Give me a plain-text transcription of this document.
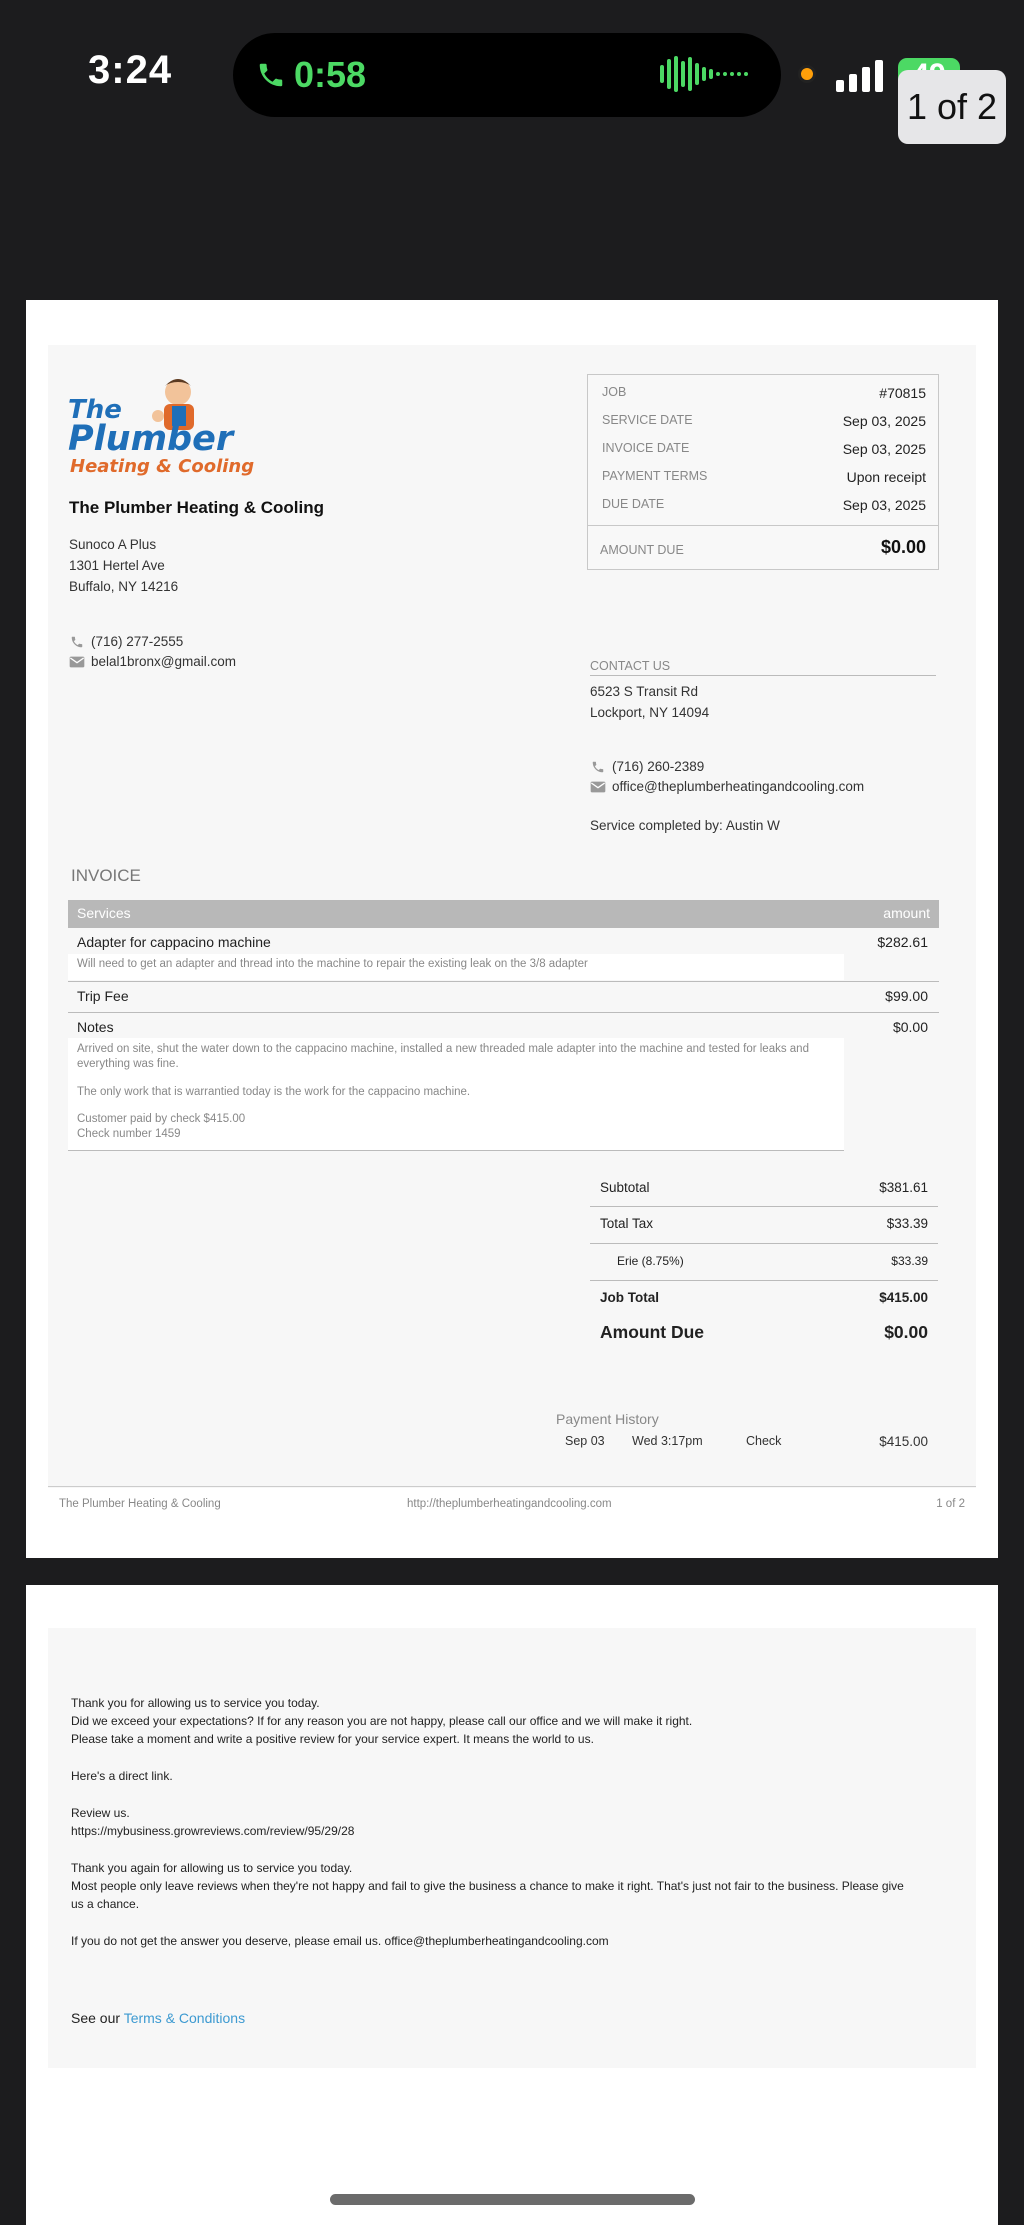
3:24	0:58
1 of 2
The
Plumber
Heating & Cooling
The Plumber Heating & Cooling
Sunoco A Plus
1301 Hertel Ave
Buffalo, NY 14216
(716) 277-2555
belal1bronx@gmail.com
JOB	#70815
SERVICE DATE	Sep 03, 2025
INVOICE DATE	Sep 03, 2025
PAYMENT TERMS	Upon receipt
DUE DATE	Sep 03, 2025
AMOUNT DUE	$0.00
CONTACT US
6523 S Transit Rd
Lockport, NY 14094
(716) 260-2389
office@theplumberheatingandcooling.com
Service completed by: Austin W
INVOICE
Services	amount
Adapter for cappacino machine	$282.61
Will need to get an adapter and thread into the machine to repair the existing leak on the 3/8 adapter
Trip Fee	$99.00
Notes	$0.00
Arrived on site, shut the water down to the cappacino machine, installed a new threaded male adapter into the machine and tested for leaks and everything was fine.
The only work that is warrantied today is the work for the cappacino machine.
Customer paid by check $415.00
Check number 1459
Subtotal	$381.61
Total Tax	$33.39
Erie (8.75%)	$33.39
Job Total	$415.00
Amount Due	$0.00
Payment History
Sep 03 Wed 3:17pm	Check	$415.00
The Plumber Heating & Cooling	http://theplumberheatingandcooling.com	1 of 2
Thank you for allowing us to service you today.
Did we exceed your expectations? If for any reason you are not happy, please call our office and we will make it right.
Please take a moment and write a positive review for your service expert. It means the world to us.
Here's a direct link.
Review us.
https://mybusiness.growreviews.com/review/95/29/28
Thank you again for allowing us to service you today.
Most people only leave reviews when they're not happy and fail to give the business a chance to make it right. That's just not fair to the business. Please give us a chance.
If you do not get the answer you deserve, please email us. office@theplumberheatingandcooling.com
See our Terms & Conditions
